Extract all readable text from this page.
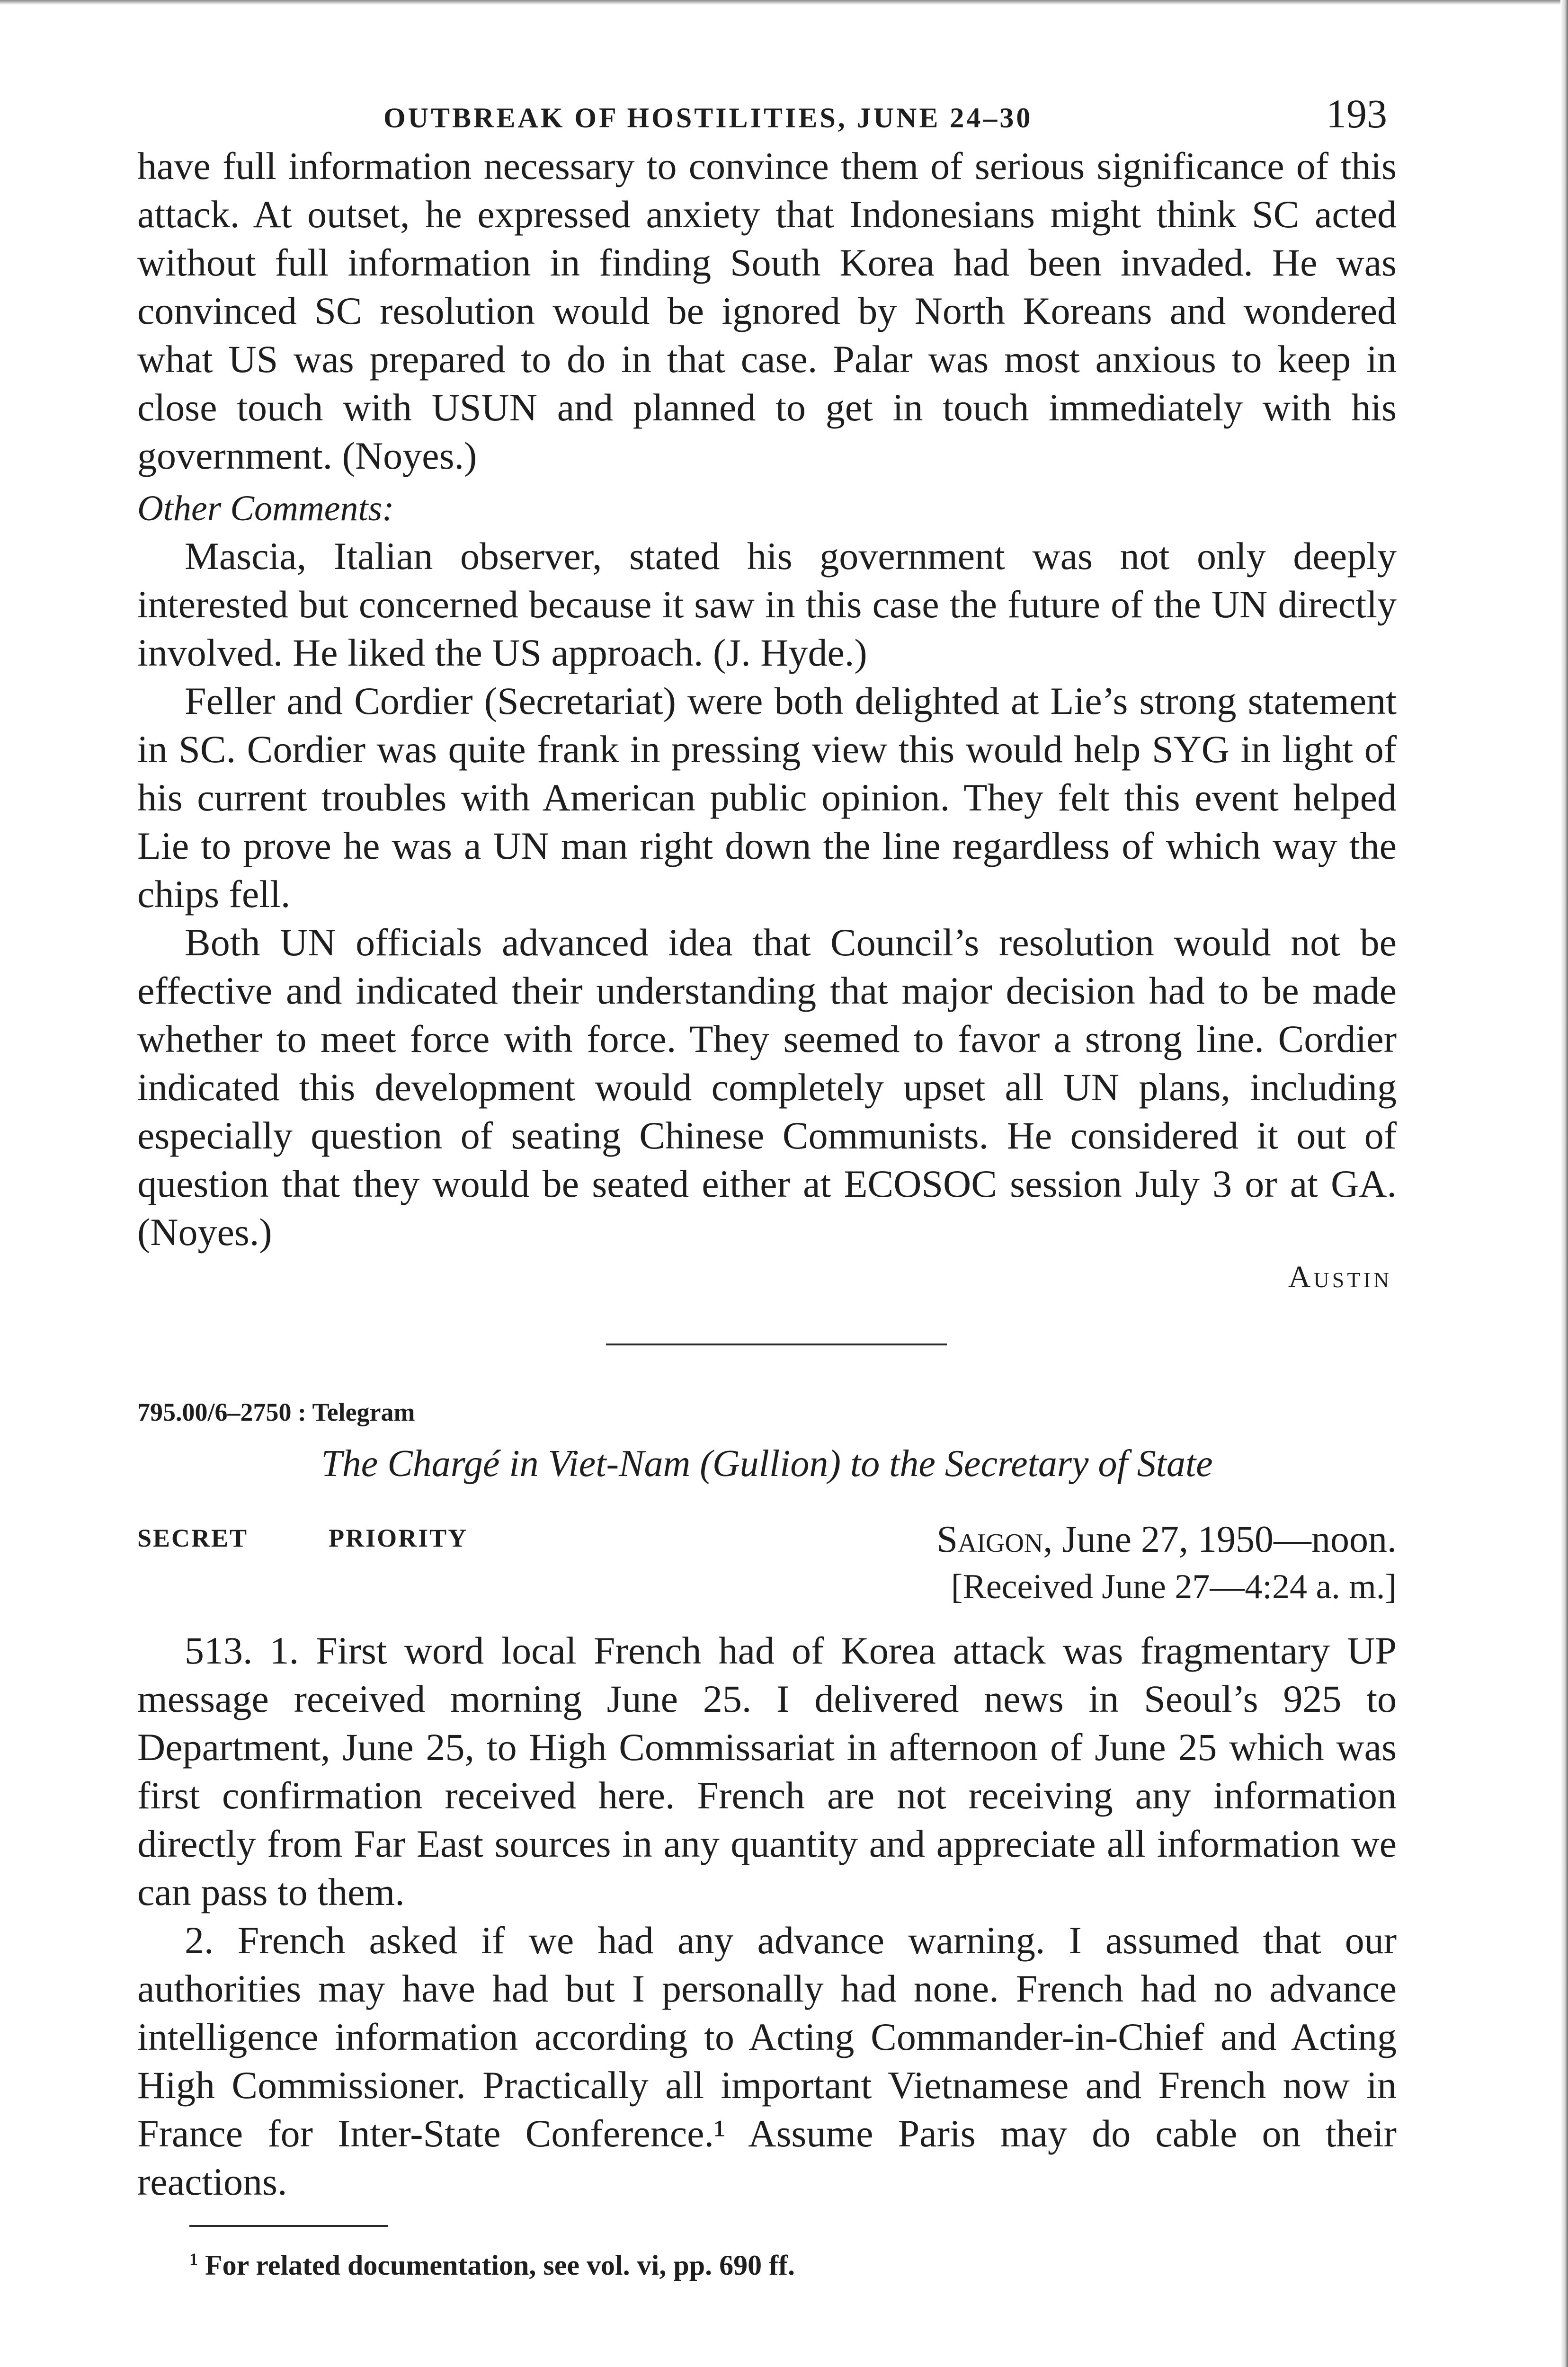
OUTBREAK OF HOSTILITIES, JUNE 24–30	193

have full information necessary to convince them of serious significance of this attack. At outset, he expressed anxiety that Indonesians might think SC acted without full information in finding South Korea had been invaded. He was convinced SC resolution would be ignored by North Koreans and wondered what US was prepared to do in that case. Palar was most anxious to keep in close touch with USUN and planned to get in touch immediately with his government. (Noyes.)

Other Comments:

Mascia, Italian observer, stated his government was not only deeply interested but concerned because it saw in this case the future of the UN directly involved. He liked the US approach. (J. Hyde.)

Feller and Cordier (Secretariat) were both delighted at Lie’s strong statement in SC. Cordier was quite frank in pressing view this would help SYG in light of his current troubles with American public opinion. They felt this event helped Lie to prove he was a UN man right down the line regardless of which way the chips fell.

Both UN officials advanced idea that Council’s resolution would not be effective and indicated their understanding that major decision had to be made whether to meet force with force. They seemed to favor a strong line. Cordier indicated this development would completely upset all UN plans, including especially question of seating Chinese Communists. He considered it out of question that they would be seated either at ECOSOC session July 3 or at GA. (Noyes.)

Austin
795.00/6–2750 : Telegram
The Chargé in Viet-Nam (Gullion) to the Secretary of State
SECRET	PRIORITY	Saigon, June 27, 1950—noon.
[Received June 27—4:24 a. m.]

513. 1. First word local French had of Korea attack was fragmentary UP message received morning June 25. I delivered news in Seoul’s 925 to Department, June 25, to High Commissariat in afternoon of June 25 which was first confirmation received here. French are not receiving any information directly from Far East sources in any quantity and appreciate all information we can pass to them.

2. French asked if we had any advance warning. I assumed that our authorities may have had but I personally had none. French had no advance intelligence information according to Acting Commander-in-Chief and Acting High Commissioner. Practically all important Vietnamese and French now in France for Inter-State Conference.¹ Assume Paris may do cable on their reactions.

$^1$ For related documentation, see vol. vi, pp. 690 ff.
